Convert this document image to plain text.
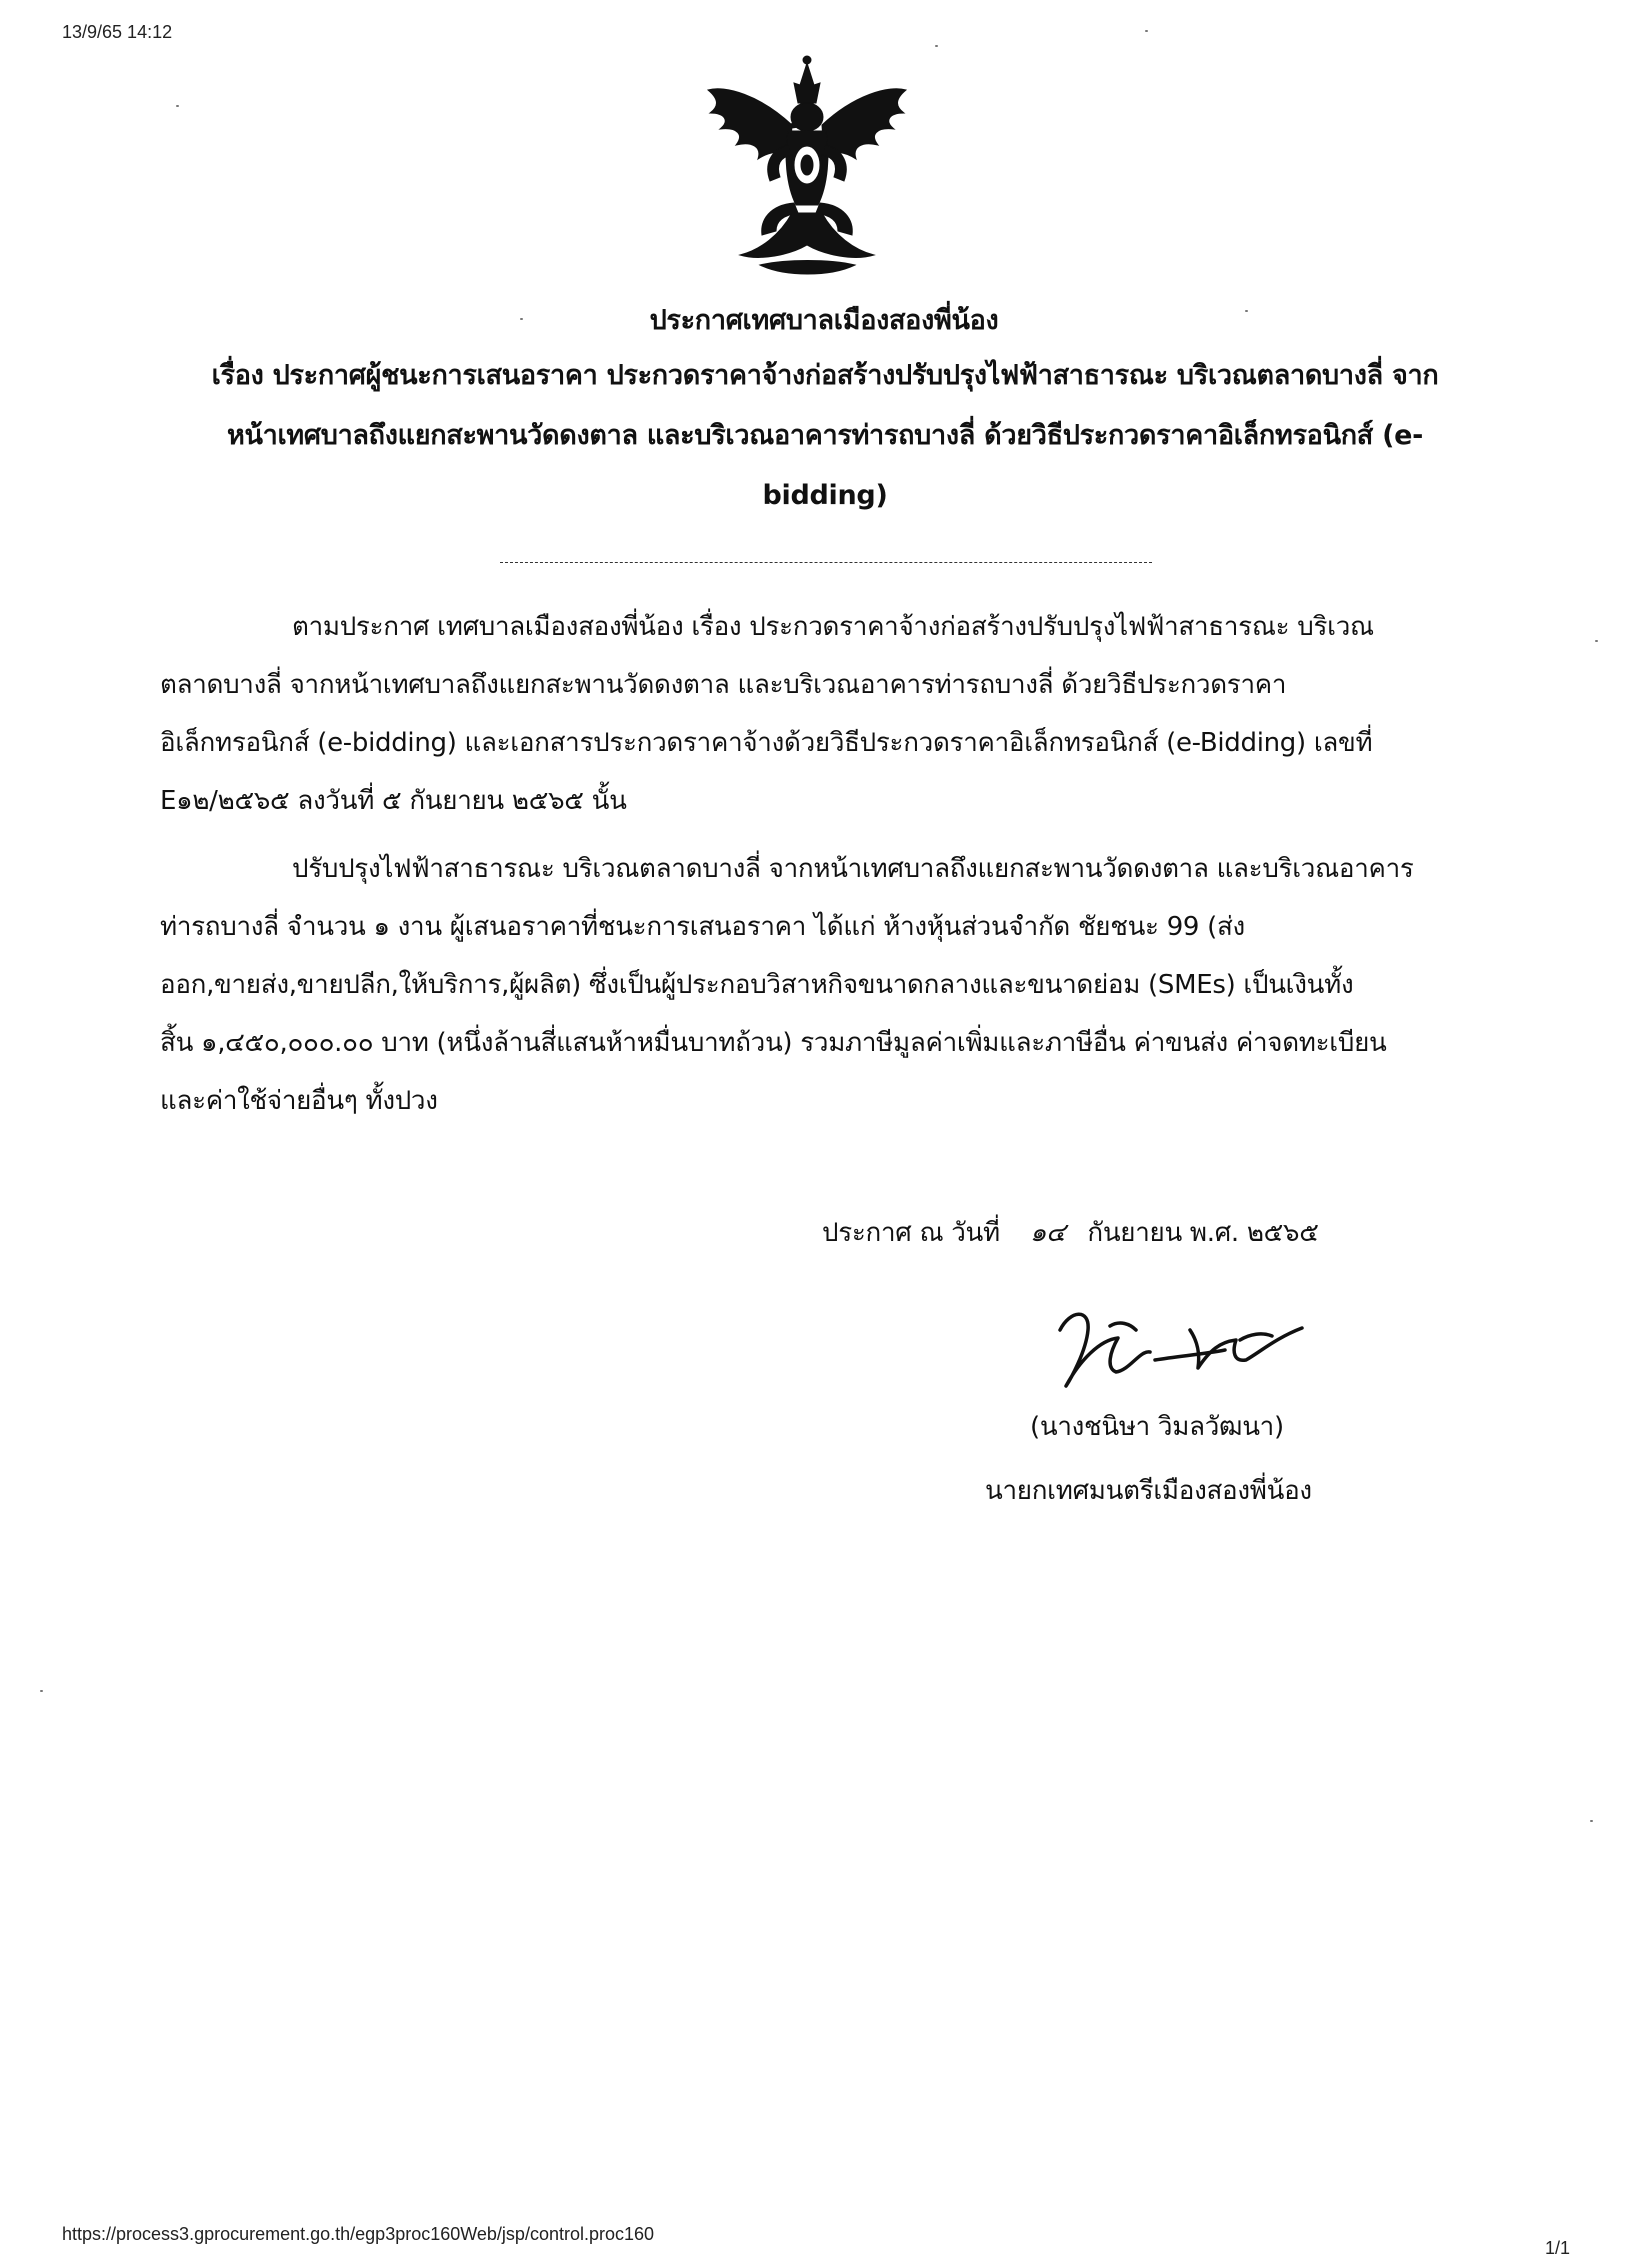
13/9/65 14:12
ประกาศเทศบาลเมืองสองพี่น้อง
เรื่อง ประกาศผู้ชนะการเสนอราคา ประกวดราคาจ้างก่อสร้างปรับปรุงไฟฟ้าสาธารณะ บริเวณตลาดบางลี่ จาก
หน้าเทศบาลถึงแยกสะพานวัดดงตาล และบริเวณอาคารท่ารถบางลี่ ด้วยวิธีประกวดราคาอิเล็กทรอนิกส์ (e-
bidding)
ตามประกาศ เทศบาลเมืองสองพี่น้อง เรื่อง ประกวดราคาจ้างก่อสร้างปรับปรุงไฟฟ้าสาธารณะ บริเวณ
ตลาดบางลี่ จากหน้าเทศบาลถึงแยกสะพานวัดดงตาล และบริเวณอาคารท่ารถบางลี่ ด้วยวิธีประกวดราคา
อิเล็กทรอนิกส์ (e-bidding) และเอกสารประกวดราคาจ้างด้วยวิธีประกวดราคาอิเล็กทรอนิกส์ (e-Bidding) เลขที่
E๑๒/๒๕๖๕ ลงวันที่ ๕ กันยายน ๒๕๖๕ นั้น
ปรับปรุงไฟฟ้าสาธารณะ บริเวณตลาดบางลี่ จากหน้าเทศบาลถึงแยกสะพานวัดดงตาล และบริเวณอาคาร
ท่ารถบางลี่ จำนวน ๑ งาน ผู้เสนอราคาที่ชนะการเสนอราคา ได้แก่ ห้างหุ้นส่วนจำกัด ชัยชนะ 99 (ส่ง
ออก,ขายส่ง,ขายปลีก,ให้บริการ,ผู้ผลิต) ซึ่งเป็นผู้ประกอบวิสาหกิจขนาดกลางและขนาดย่อม (SMEs) เป็นเงินทั้ง
สิ้น ๑,๔๕๐,๐๐๐.๐๐ บาท (หนึ่งล้านสี่แสนห้าหมื่นบาทถ้วน) รวมภาษีมูลค่าเพิ่มและภาษีอื่น ค่าขนส่ง ค่าจดทะเบียน
และค่าใช้จ่ายอื่นๆ ทั้งปวง
ประกาศ ณ วันที่ ๑๔ กันยายน พ.ศ. ๒๕๖๕
(นางชนิษา วิมลวัฒนา)
นายกเทศมนตรีเมืองสองพี่น้อง
https://process3.gprocurement.go.th/egp3proc160Web/jsp/control.proc160
1/1
